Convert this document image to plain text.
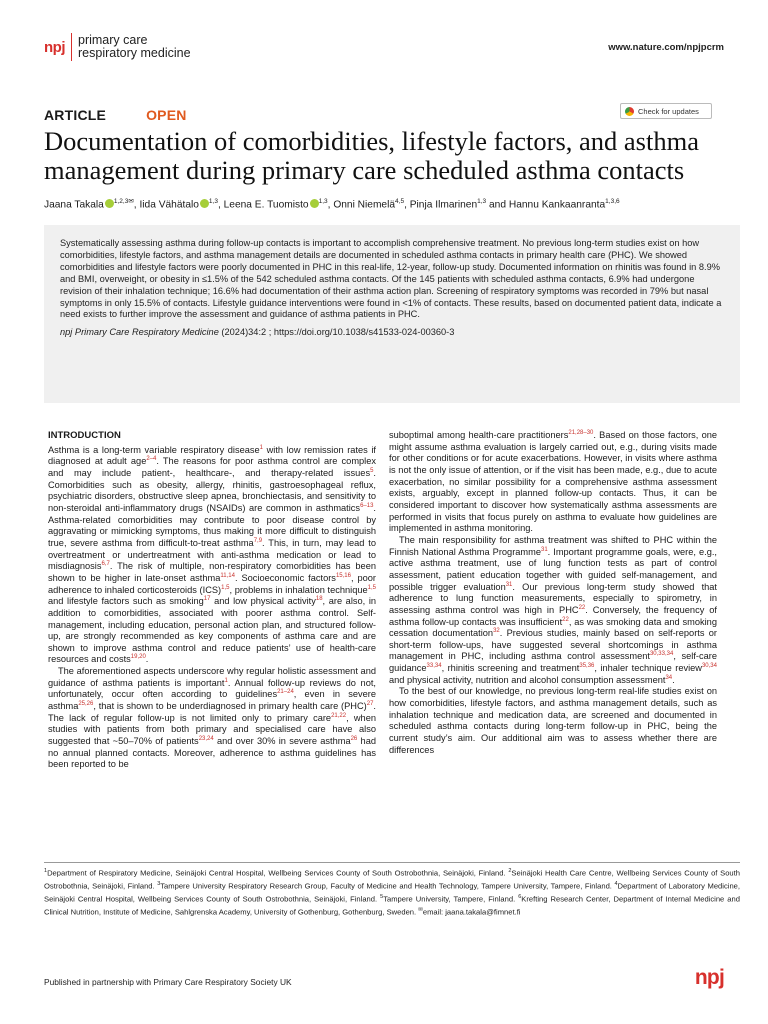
npj primary care
respiratory medicine	www.nature.com/npjpcrm
ARTICLE	OPEN	Check for updates
Documentation of comorbidities, lifestyle factors, and asthma management during primary care scheduled asthma contacts
Jaana Takala $^{1,2,3✉}$, Iida Vähätalo $^{1,3}$, Leena E. Tuomisto $^{1,3}$, Onni Niemelä$^{4,5}$, Pinja Ilmarinen$^{1,3}$ and Hannu Kankaanranta$^{1,3,6}$
Systematically assessing asthma during follow-up contacts is important to accomplish comprehensive treatment. No previous long-term studies exist on how comorbidities, lifestyle factors, and asthma management details are documented in scheduled asthma contacts in primary health care (PHC). We showed comorbidities and lifestyle factors were poorly documented in PHC in this real-life, 12-year, follow-up study. Documented information on rhinitis was found in 8.9% and BMI, overweight, or obesity in ≤1.5% of the 542 scheduled asthma contacts. Of the 145 patients with scheduled asthma contacts, 6.9% had undergone revision of their inhalation technique; 16.6% had documentation of their asthma action plan. Screening of respiratory symptoms was recorded in 79% but nasal symptoms in only 15.5% of contacts. Lifestyle guidance interventions were found in <1% of contacts. These results, based on documented patient data, indicate a need exists to further improve the assessment and guidance of asthma patients in PHC.
npj Primary Care Respiratory Medicine (2024)34:2 ; https://doi.org/10.1038/s41533-024-00360-3
INTRODUCTION

Asthma is a long-term variable respiratory disease$^1$ with low remission rates if diagnosed at adult age$^{2-4}$. The reasons for poor asthma control are complex and may include patient-, healthcare-, and therapy-related issues$^5$. Comorbidities such as obesity, allergy, rhinitis, gastroesophageal reflux, psychiatric disorders, obstructive sleep apnea, bronchiectasis, and sensitivity to non-steroidal anti-inflammatory drugs (NSAIDs) are common in asthmatics$^{6-13}$. Asthma-related comorbidities may contribute to poor disease control by aggravating or mimicking symptoms, thus making it more difficult to distinguish true, severe asthma from difficult-to-treat asthma$^{7,9}$. This, in turn, may lead to overtreatment or undertreatment with anti-asthma medication or lead to misdiagnosis$^{6,7}$. The risk of multiple, non-respiratory comorbidities has been shown to be higher in late-onset asthma$^{11,14}$. Socioeconomic factors$^{15,16}$, poor adherence to inhaled corticosteroids (ICS)$^{1,5}$, problems in inhalation technique$^{1,5}$ and lifestyle factors such as smoking$^{17}$ and low physical activity$^{18}$, are also, in addition to comorbidities, associated with poorer asthma control. Self-management, including education, personal action plan, and structured follow-up, are strongly recommended as key components of asthma care and are shown to improve asthma control and reduce patients’ use of health-care resources and costs$^{19,20}$.

The aforementioned aspects underscore why regular holistic assessment and guidance of asthma patients is important$^1$. Annual follow-up reviews do not, unfortunately, occur often according to guidelines$^{21-24}$, even in severe asthma$^{25,26}$, that is shown to be underdiagnosed in primary health care (PHC)$^{27}$. The lack of regular follow-up is not limited only to primary care$^{21,22}$, when studies with patients from both primary and specialised care have also suggested that ~50–70% of patients$^{23,24}$ and over 30% in severe asthma$^{26}$ had no annual planned contacts. Moreover, adherence to asthma guidelines has been reported to be

suboptimal among health-care practitioners$^{21,28-30}$. Based on those factors, one might assume asthma evaluation is largely carried out, e.g., during visits made for other conditions or for acute exacerbations. However, in visits where asthma is not the only issue of attention, or if the visit has been made, e.g., due to acute exacerbation, no similar possibility for a comprehensive asthma assessment exists, arguably, except in planned follow-up contacts. Thus, it can be considered important to discover how systematically asthma assessments are performed in visits that focus purely on asthma to evaluate how guidelines are implemented in asthma monitoring.

The main responsibility for asthma treatment was shifted to PHC within the Finnish National Asthma Programme$^{31}$. Important programme goals, were, e.g., active asthma treatment, use of lung function tests as part of control assessment, patient education together with guided self-management, and possible trigger evaluation$^{31}$. Our previous long-term study showed that adherence to lung function measurements, especially to spirometry, in assessing asthma control was high in PHC$^{22}$. Conversely, the frequency of asthma follow-up contacts was insufficient$^{22}$, as was smoking data and smoking cessation documentation$^{32}$. Previous studies, mainly based on self-reports or short-term follow-ups, have suggested several shortcomings in asthma management in PHC, including asthma control assessment$^{30,33,34}$, self-care guidance$^{33,34}$, rhinitis screening and treatment$^{35,36}$, inhaler technique review$^{30,34}$ and physical activity, nutrition and alcohol consumption assessment$^{34}$.

To the best of our knowledge, no previous long-term real-life studies exist on how comorbidities, lifestyle factors, and asthma management details, such as inhalation technique and medication data, are screened and documented in scheduled asthma contacts during long-term follow-up in PHC, being the current study’s aim. Our additional aim was to assess whether there are differences

$^1$Department of Respiratory Medicine, Seinäjoki Central Hospital, Wellbeing Services County of South Ostrobothnia, Seinäjoki, Finland. $^2$Seinäjoki Health Care Centre, Wellbeing Services County of South Ostrobothnia, Seinäjoki, Finland. $^3$Tampere University Respiratory Research Group, Faculty of Medicine and Health Technology, Tampere University, Tampere, Finland. $^4$Department of Laboratory Medicine, Seinäjoki Central Hospital, Wellbeing Services County of South Ostrobothnia, Seinäjoki, Finland. $^5$Tampere University, Tampere, Finland. $^6$Krefting Research Center, Department of Internal Medicine and Clinical Nutrition, Institute of Medicine, Sahlgrenska Academy, University of Gothenburg, Gothenburg, Sweden. ✉email: jaana.takala@fimnet.fi
Published in partnership with Primary Care Respiratory Society UK	npj
